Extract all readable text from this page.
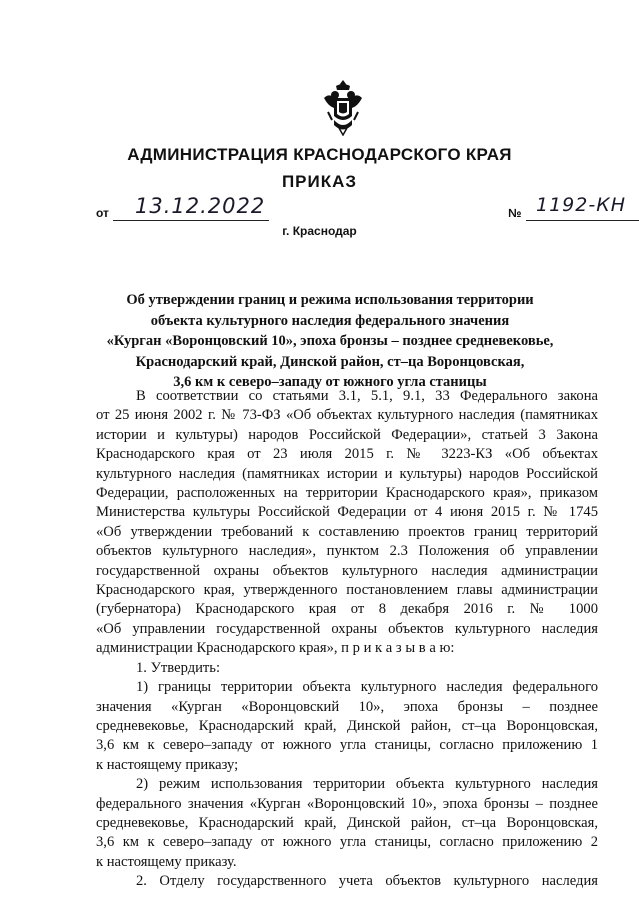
АДМИНИСТРАЦИЯ КРАСНОДАРСКОГО КРАЯ
ПРИКАЗ
от 13.12.2022	№ 1192-КН
г. Краснодар
Об утверждении границ и режима использования территории
объекта культурного наследия федерального значения
«Курган «Воронцовский 10», эпоха бронзы – позднее средневековье,
Краснодарский край, Динской район, ст–ца Воронцовская,
3,6 км к северо–западу от южного угла станицы
В соответствии со статьями 3.1, 5.1, 9.1, 33 Федерального закона
от 25 июня 2002 г. № 73-ФЗ «Об объектах культурного наследия (памятниках
истории и культуры) народов Российской Федерации», статьей 3 Закона
Краснодарского края от 23 июля 2015 г. № 3223-КЗ «Об объектах
культурного наследия (памятниках истории и культуры) народов Российской
Федерации, расположенных на территории Краснодарского края», приказом
Министерства культуры Российской Федерации от 4 июня 2015 г. № 1745
«Об утверждении требований к составлению проектов границ территорий
объектов культурного наследия», пунктом 2.3 Положения об управлении
государственной охраны объектов культурного наследия администрации
Краснодарского края, утвержденного постановлением главы администрации
(губернатора) Краснодарского края от 8 декабря 2016 г. № 1000
«Об управлении государственной охраны объектов культурного наследия
администрации Краснодарского края», п р и к а з ы в а ю:
1. Утвердить:
1) границы территории объекта культурного наследия федерального
значения «Курган «Воронцовский 10», эпоха бронзы – позднее
средневековье, Краснодарский край, Динской район, ст–ца Воронцовская,
3,6 км к северо–западу от южного угла станицы, согласно приложению 1
к настоящему приказу;
2) режим использования территории объекта культурного наследия
федерального значения «Курган «Воронцовский 10», эпоха бронзы – позднее
средневековье, Краснодарский край, Динской район, ст–ца Воронцовская,
3,6 км к северо–западу от южного угла станицы, согласно приложению 2
к настоящему приказу.
2. Отделу государственного учета объектов культурного наследия
